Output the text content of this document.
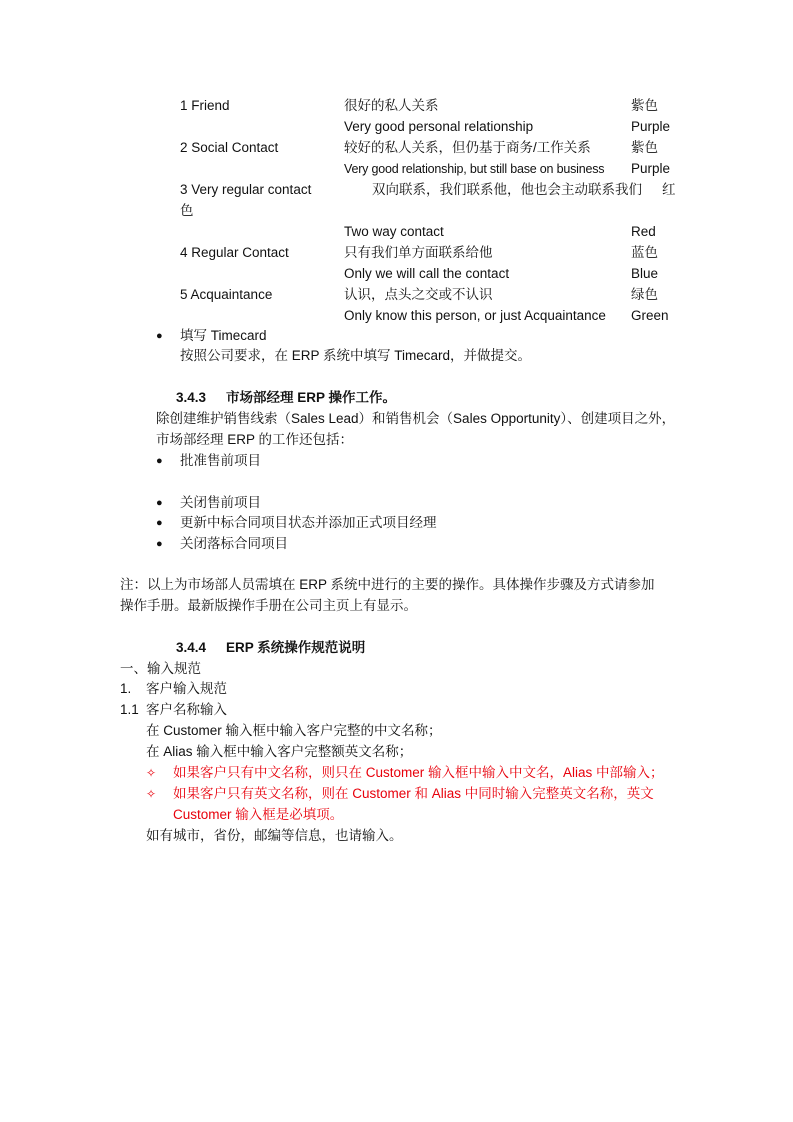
1 Friend	很好的私人关系	紫色
Very good personal relationship	Purple
2 Social Contact	较好的私人关系，但仍基于商务/工作关系	紫色
Very good relationship, but still base on business Purple
3 Very regular contact	双向联系，我们联系他，他也会主动联系我们 红
色
Two way contact	Red
4 Regular Contact	只有我们单方面联系给他	蓝色
Only we will call the contact	Blue
5 Acquaintance	认识，点头之交或不认识	绿色
Only know this person, or just Acquaintance Green
● 填写 Timecard
按照公司要求，在 ERP 系统中填写 Timecard，并做提交。
3.4.3 市场部经理 ERP 操作工作。
除创建维护销售线索（Sales Lead）和销售机会（Sales Opportunity）、创建项目之外，
市场部经理 ERP 的工作还包括：
● 批准售前项目
● 关闭售前项目
● 更新中标合同项目状态并添加正式项目经理
● 关闭落标合同项目
注：以上为市场部人员需填在 ERP 系统中进行的主要的操作。具体操作步骤及方式请参加
操作手册。最新版操作手册在公司主页上有显示。
3.4.4 ERP 系统操作规范说明
一、输入规范
1. 客户输入规范
1.1 客户名称输入
在 Customer 输入框中输入客户完整的中文名称；
在 Alias 输入框中输入客户完整额英文名称；
✧ 如果客户只有中文名称，则只在 Customer 输入框中输入中文名，Alias 中部输入；
✧ 如果客户只有英文名称，则在 Customer 和 Alias 中同时输入完整英文名称，英文
Customer 输入框是必填项。
如有城市，省份，邮编等信息，也请输入。
